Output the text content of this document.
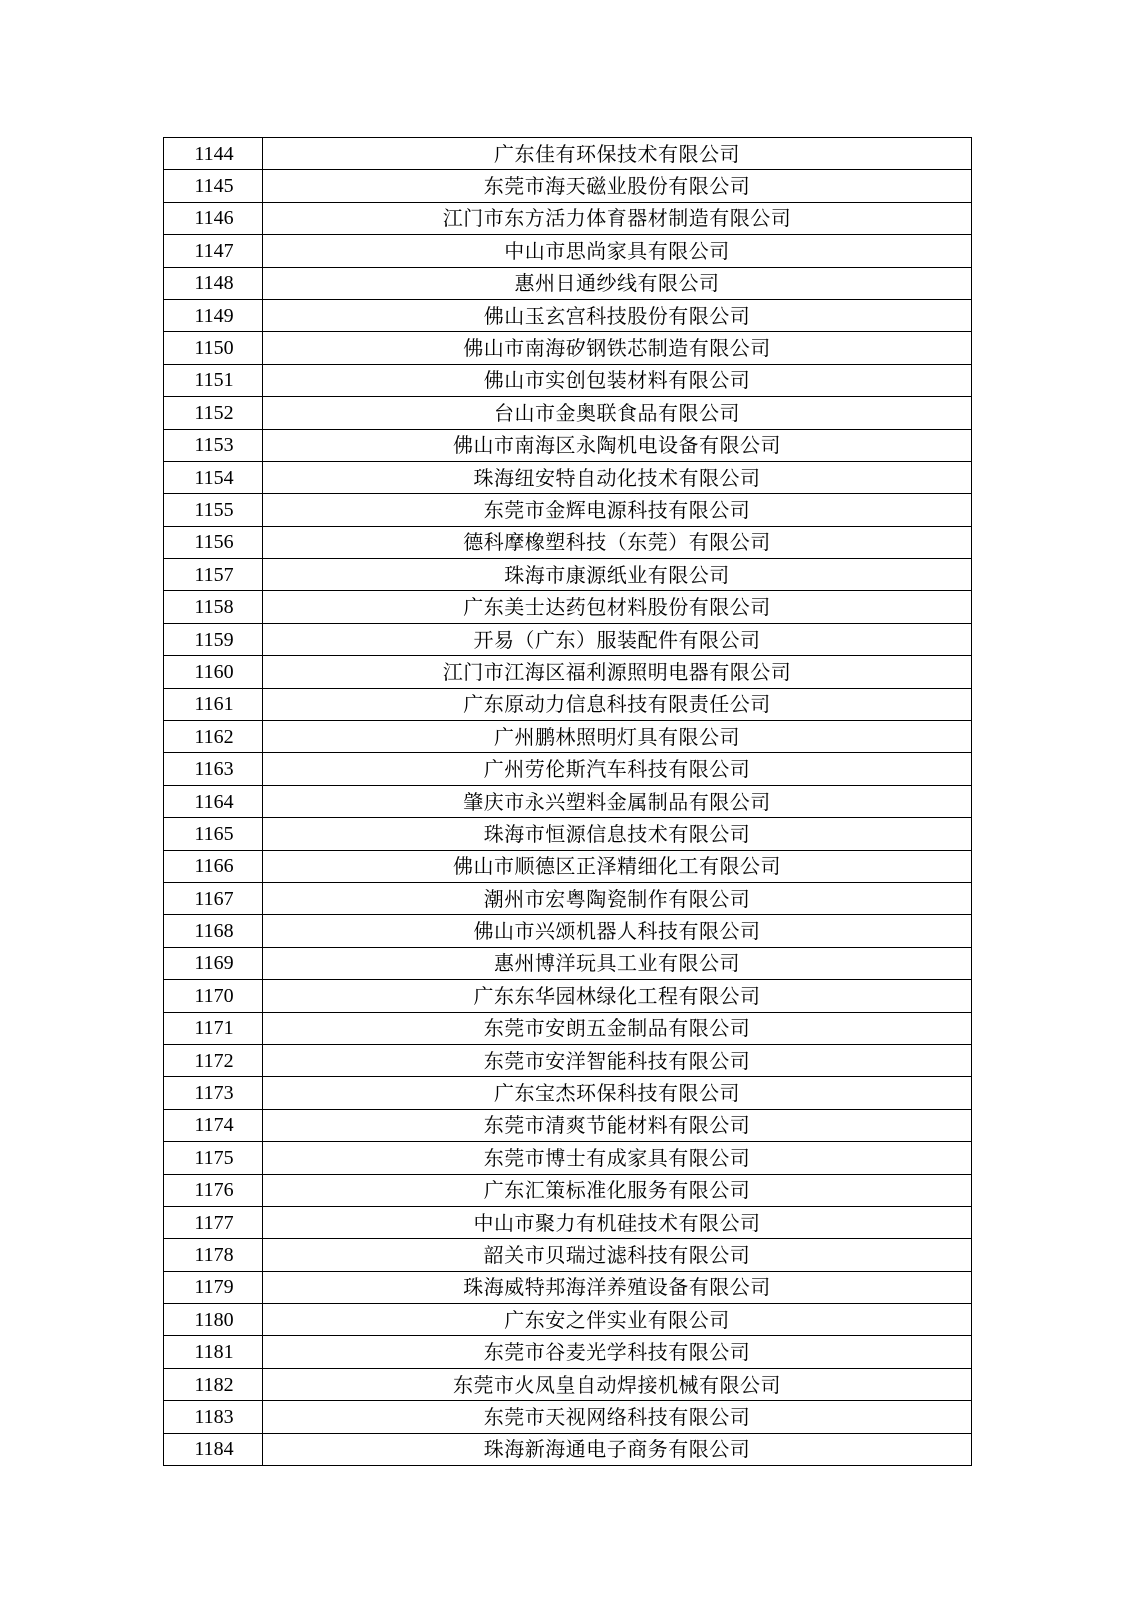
1144	广东佳有环保技术有限公司
1145	东莞市海天磁业股份有限公司
1146	江门市东方活力体育器材制造有限公司
1147	中山市思尚家具有限公司
1148	惠州日通纱线有限公司
1149	佛山玉玄宫科技股份有限公司
1150	佛山市南海矽钢铁芯制造有限公司
1151	佛山市实创包装材料有限公司
1152	台山市金奥联食品有限公司
1153	佛山市南海区永陶机电设备有限公司
1154	珠海纽安特自动化技术有限公司
1155	东莞市金辉电源科技有限公司
1156	德科摩橡塑科技（东莞）有限公司
1157	珠海市康源纸业有限公司
1158	广东美士达药包材料股份有限公司
1159	开易（广东）服装配件有限公司
1160	江门市江海区福利源照明电器有限公司
1161	广东原动力信息科技有限责任公司
1162	广州鹏林照明灯具有限公司
1163	广州劳伦斯汽车科技有限公司
1164	肇庆市永兴塑料金属制品有限公司
1165	珠海市恒源信息技术有限公司
1166	佛山市顺德区正泽精细化工有限公司
1167	潮州市宏粤陶瓷制作有限公司
1168	佛山市兴颂机器人科技有限公司
1169	惠州博洋玩具工业有限公司
1170	广东东华园林绿化工程有限公司
1171	东莞市安朗五金制品有限公司
1172	东莞市安洋智能科技有限公司
1173	广东宝杰环保科技有限公司
1174	东莞市清爽节能材料有限公司
1175	东莞市博士有成家具有限公司
1176	广东汇策标准化服务有限公司
1177	中山市聚力有机硅技术有限公司
1178	韶关市贝瑞过滤科技有限公司
1179	珠海威特邦海洋养殖设备有限公司
1180	广东安之伴实业有限公司
1181	东莞市谷麦光学科技有限公司
1182	东莞市火凤皇自动焊接机械有限公司
1183	东莞市天视网络科技有限公司
1184	珠海新海通电子商务有限公司
